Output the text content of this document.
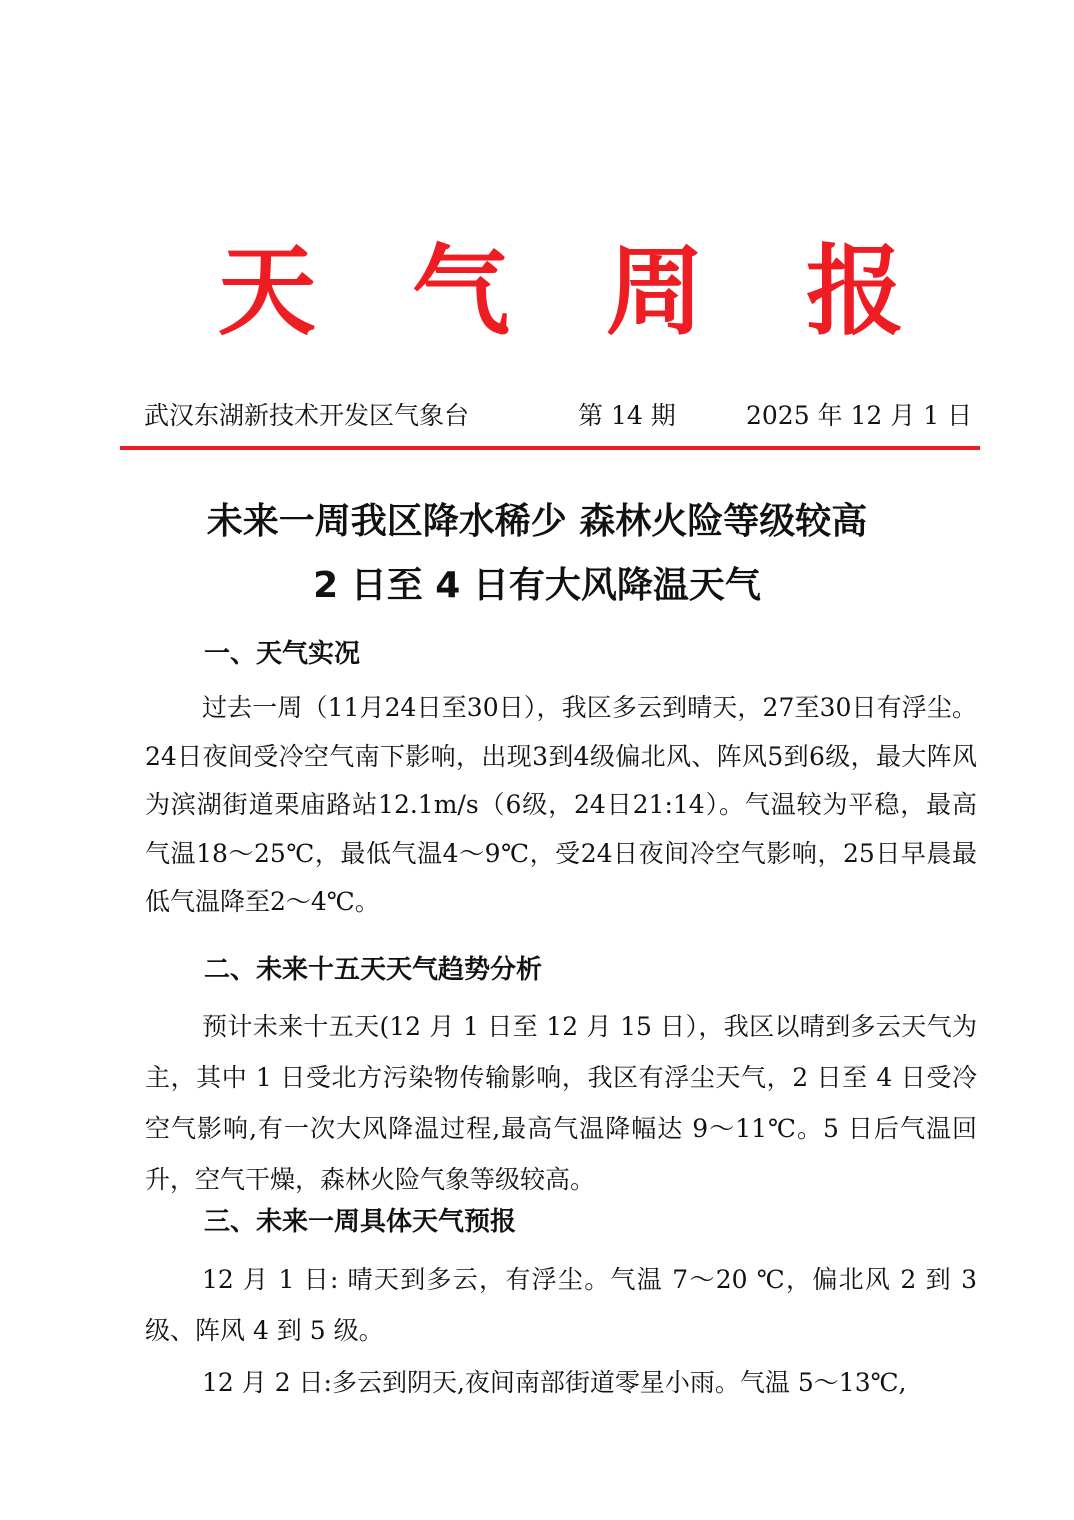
天 气 周 报
武汉东湖新技术开发区气象台	第 14 期	2025 年 12 月 1 日
未来一周我区降水稀少 森林火险等级较高
2 日至 4 日有大风降温天气
一、天气实况

过去一周（11月24日至30日），我区多云到晴天，27至30日有浮尘。24日夜间受冷空气南下影响，出现3到4级偏北风、阵风5到6级，最大阵风为滨湖街道栗庙路站12.1m/s（6级，24日21:14）。气温较为平稳，最高气温18～25℃，最低气温4～9℃，受24日夜间冷空气影响，25日早晨最低气温降至2～4℃。

二、未来十五天天气趋势分析

预计未来十五天(12 月 1 日至 12 月 15 日），我区以晴到多云天气为主，其中 1 日受北方污染物传输影响，我区有浮尘天气，2 日至 4 日受冷空气影响,有一次大风降温过程,最高气温降幅达 9～11℃。5 日后气温回升，空气干燥，森林火险气象等级较高。

三、未来一周具体天气预报

12 月 1 日: 晴天到多云，有浮尘。气温 7～20 ℃，偏北风 2 到 3 级、阵风 4 到 5 级。

12 月 2 日:多云到阴天,夜间南部街道零星小雨。气温 5～13℃,
